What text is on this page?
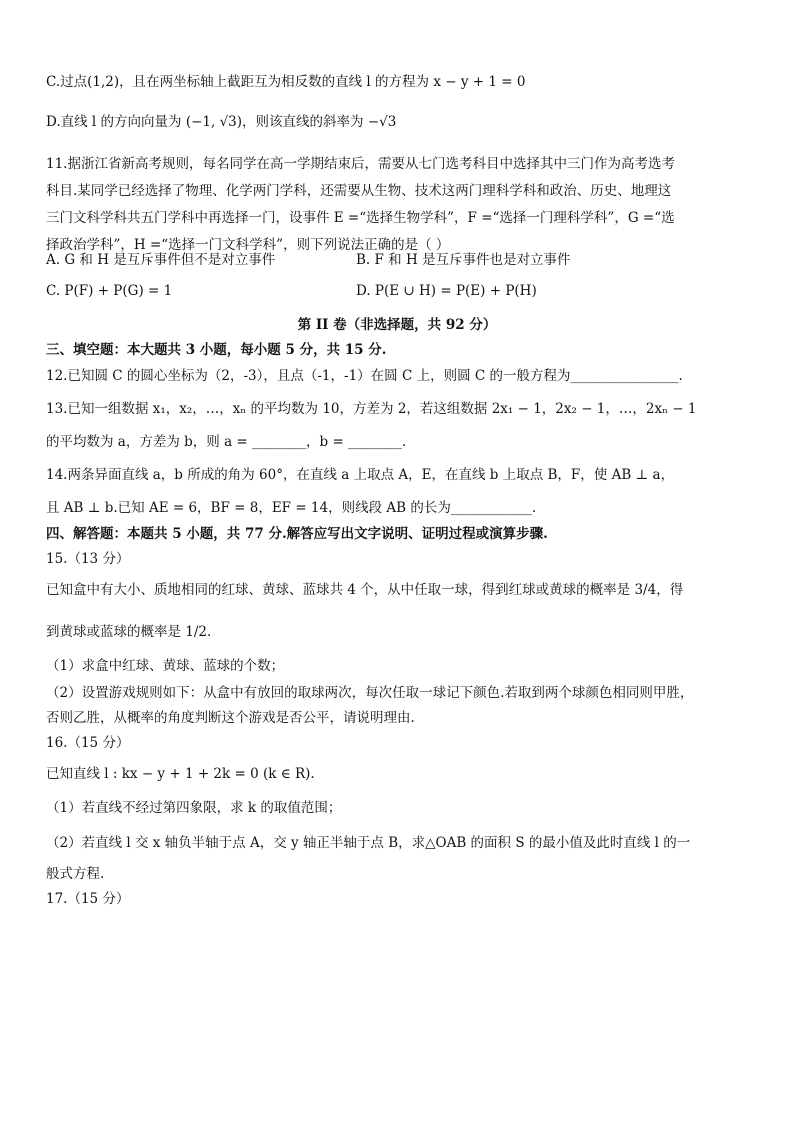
C.过点(1,2)，且在两坐标轴上截距互为相反数的直线 l 的方程为 x − y + 1 = 0
D.直线 l 的方向向量为 (−1, √3)，则该直线的斜率为 −√3
11.据浙江省新高考规则，每名同学在高一学期结束后，需要从七门选考科目中选择其中三门作为高考选考
科目.某同学已经选择了物理、化学两门学科，还需要从生物、技术这两门理科学科和政治、历史、地理这
三门文科学科共五门学科中再选择一门，设事件 E =“选择生物学科”，F =“选择一门理科学科”，G =“选
择政治学科”，H =“选择一门文科学科”，则下列说法正确的是（ ）
A. G 和 H 是互斥事件但不是对立事件	B. F 和 H 是互斥事件也是对立事件
C. P(F) + P(G) = 1	D. P(E ∪ H) = P(E) + P(H)
第 II 卷（非选择题，共 92 分）
三、填空题：本大题共 3 小题，每小题 5 分，共 15 分.
12.已知圆 C 的圆心坐标为（2，-3），且点（-1，-1）在圆 C 上，则圆 C 的一般方程为________________.
13.已知一组数据 x₁，x₂，…，xₙ 的平均数为 10，方差为 2，若这组数据 2x₁ − 1，2x₂ − 1，…，2xₙ − 1
的平均数为 a，方差为 b，则 a = ________，b = ________.
14.两条异面直线 a，b 所成的角为 60°，在直线 a 上取点 A，E，在直线 b 上取点 B，F，使 AB ⊥ a，
且 AB ⊥ b.已知 AE = 6，BF = 8，EF = 14，则线段 AB 的长为____________.
四、解答题：本题共 5 小题，共 77 分.解答应写出文字说明、证明过程或演算步骤.
15.（13 分）
已知盒中有大小、质地相同的红球、黄球、蓝球共 4 个，从中任取一球，得到红球或黄球的概率是 3/4，得
到黄球或蓝球的概率是 1/2.
（1）求盒中红球、黄球、蓝球的个数；
（2）设置游戏规则如下：从盒中有放回的取球两次，每次任取一球记下颜色.若取到两个球颜色相同则甲胜，
否则乙胜，从概率的角度判断这个游戏是否公平，请说明理由.
16.（15 分）
已知直线 l : kx − y + 1 + 2k = 0 (k ∈ R).
（1）若直线不经过第四象限，求 k 的取值范围；
（2）若直线 l 交 x 轴负半轴于点 A，交 y 轴正半轴于点 B，求△OAB 的面积 S 的最小值及此时直线 l 的一
般式方程.
17.（15 分）
